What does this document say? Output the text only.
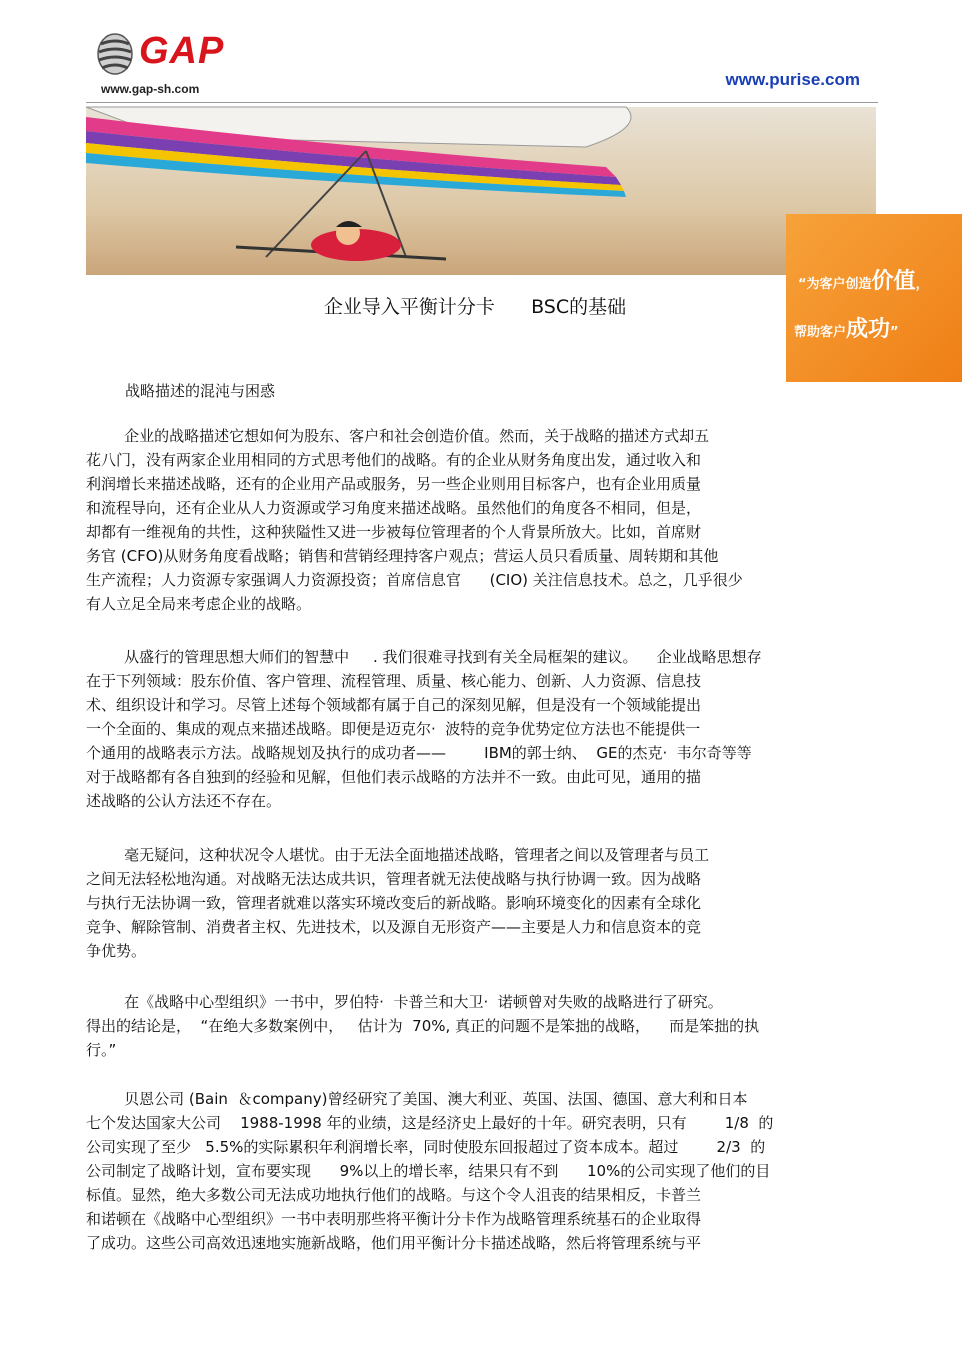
GAP
www.gap-sh.com	www.purise.com
“为客户创造价值，
帮助客户成功”
企业导入平衡计分卡      BSC的基础
战略描述的混沌与困惑
企业的战略描述它想如何为股东、客户和社会创造价值。然而，关于战略的描述方式却五
花八门，没有两家企业用相同的方式思考他们的战略。有的企业从财务角度出发，通过收入和
利润增长来描述战略，还有的企业用产品或服务，另一些企业则用目标客户，也有企业用质量
和流程导向，还有企业从人力资源或学习角度来描述战略。虽然他们的角度各不相同，但是，
却都有一维视角的共性，这种狭隘性又进一步被每位管理者的个人背景所放大。比如，首席财
务官 (CFO)从财务角度看战略；销售和营销经理持客户观点；营运人员只看质量、周转期和其他
生产流程；人力资源专家强调人力资源投资；首席信息官      (CIO) 关注信息技术。总之，几乎很少
有人立足全局来考虑企业的战略。
从盛行的管理思想大师们的智慧中     . 我们很难寻找到有关全局框架的建议。    企业战略思想存
在于下列领域：股东价值、客户管理、流程管理、质量、核心能力、创新、人力资源、信息技
术、组织设计和学习。尽管上述每个领域都有属于自己的深刻见解，但是没有一个领域能提出
一个全面的、集成的观点来描述战略。即便是迈克尔·  波特的竞争优势定位方法也不能提供一
个通用的战略表示方法。战略规划及执行的成功者——        IBM的郭士纳、  GE的杰克·  韦尔奇等等
对于战略都有各自独到的经验和见解，但他们表示战略的方法并不一致。由此可见，通用的描
述战略的公认方法还不存在。
毫无疑问，这种状况令人堪忧。由于无法全面地描述战略，管理者之间以及管理者与员工
之间无法轻松地沟通。对战略无法达成共识，管理者就无法使战略与执行协调一致。因为战略
与执行无法协调一致，管理者就难以落实环境改变后的新战略。影响环境变化的因素有全球化
竞争、解除管制、消费者主权、先进技术，以及源自无形资产——主要是人力和信息资本的竞
争优势。
在《战略中心型组织》一书中，罗伯特·  卡普兰和大卫·  诺顿曾对失败的战略进行了研究。
得出的结论是，  “在绝大多数案例中，   估计为  70%, 真正的问题不是笨拙的战略，    而是笨拙的执
行。”
贝恩公司 (Bain  ＆company)曾经研究了美国、澳大利亚、英国、法国、德国、意大利和日本
七个发达国家大公司    1988-1998 年的业绩，这是经济史上最好的十年。研究表明，只有        1/8  的
公司实现了至少   5.5%的实际累积年利润增长率，同时使股东回报超过了资本成本。超过        2/3  的
公司制定了战略计划，宣布要实现      9%以上的增长率，结果只有不到      10%的公司实现了他们的目
标值。显然，绝大多数公司无法成功地执行他们的战略。与这个令人沮丧的结果相反，卡普兰
和诺顿在《战略中心型组织》一书中表明那些将平衡计分卡作为战略管理系统基石的企业取得
了成功。这些公司高效迅速地实施新战略，他们用平衡计分卡描述战略，然后将管理系统与平
